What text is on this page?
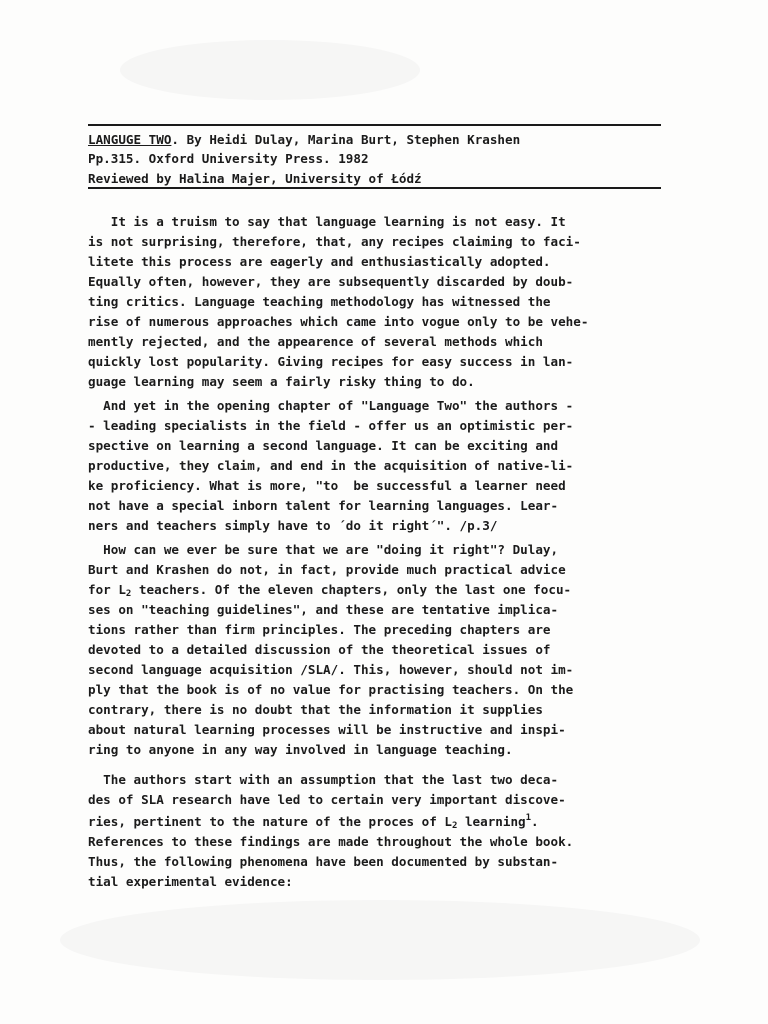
LANGUGE TWO. By Heidi Dulay, Marina Burt, Stephen Krashen
Pp.315. Oxford University Press. 1982
Reviewed by Halina Majer, University of Łódź
It is a truism to say that language learning is not easy. It
is not surprising, therefore, that, any recipes claiming to faci-
litete this process are eagerly and enthusiastically adopted.
Equally often, however, they are subsequently discarded by doub-
ting critics. Language teaching methodology has witnessed the
rise of numerous approaches which came into vogue only to be vehe-
mently rejected, and the appearence of several methods which
quickly lost popularity. Giving recipes for easy success in lan-
guage learning may seem a fairly risky thing to do.
And yet in the opening chapter of "Language Two" the authors -
- leading specialists in the field - offer us an optimistic per-
spective on learning a second language. It can be exciting and
productive, they claim, and end in the acquisition of native-li-
ke proficiency. What is more, "to  be successful a learner need
not have a special inborn talent for learning languages. Lear-
ners and teachers simply have to ´do it right´". /p.3/
How can we ever be sure that we are "doing it right"? Dulay,
Burt and Krashen do not, in fact, provide much practical advice
for $L_2$ teachers. Of the eleven chapters, only the last one focu-
ses on "teaching guidelines", and these are tentative implica-
tions rather than firm principles. The preceding chapters are
devoted to a detailed discussion of the theoretical issues of
second language acquisition /SLA/. This, however, should not im-
ply that the book is of no value for practising teachers. On the
contrary, there is no doubt that the information it supplies
about natural learning processes will be instructive and inspi-
ring to anyone in any way involved in language teaching.
The authors start with an assumption that the last two deca-
des of SLA research have led to certain very important discove-
ries, pertinent to the nature of the proces of $L_2$ learning$^1$.
References to these findings are made throughout the whole book.
Thus, the following phenomena have been documented by substan-
tial experimental evidence:
